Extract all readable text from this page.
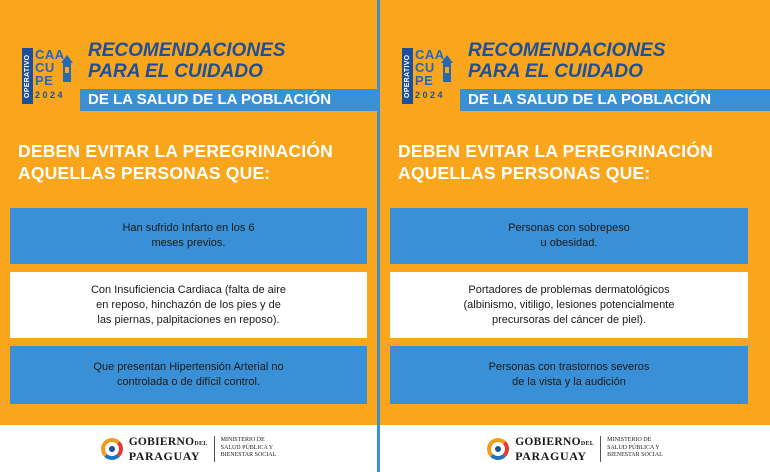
OPERATIVO CAA
CU
PE
2024
RECOMENDACIONES
PARA EL CUIDADO
DE LA SALUD DE LA POBLACIÓN
DEBEN EVITAR LA PEREGRINACIÓN
AQUELLAS PERSONAS QUE:
Han sufrido Infarto en los 6
meses previos.
Con Insuficiencia Cardiaca (falta de aire
en reposo, hinchazón de los pies y de
las piernas, palpitaciones en reposo).
Que presentan Hipertensión Arterial no
controlada o de difícil control.
GOBIERNODEL
PARAGUAY
MINISTERIO DE
SALUD PÚBLICA Y
BIENESTAR SOCIAL
OPERATIVO CAA
CU
PE
2024
RECOMENDACIONES
PARA EL CUIDADO
DE LA SALUD DE LA POBLACIÓN
DEBEN EVITAR LA PEREGRINACIÓN
AQUELLAS PERSONAS QUE:
Personas con sobrepeso
u obesidad.
Portadores de problemas dermatológicos
(albinismo, vitiligo, lesiones potencialmente
precursoras del cáncer de piel).
Personas con trastornos severos
de la vista y la audición
GOBIERNODEL
PARAGUAY
MINISTERIO DE
SALUD PÚBLICA Y
BIENESTAR SOCIAL
